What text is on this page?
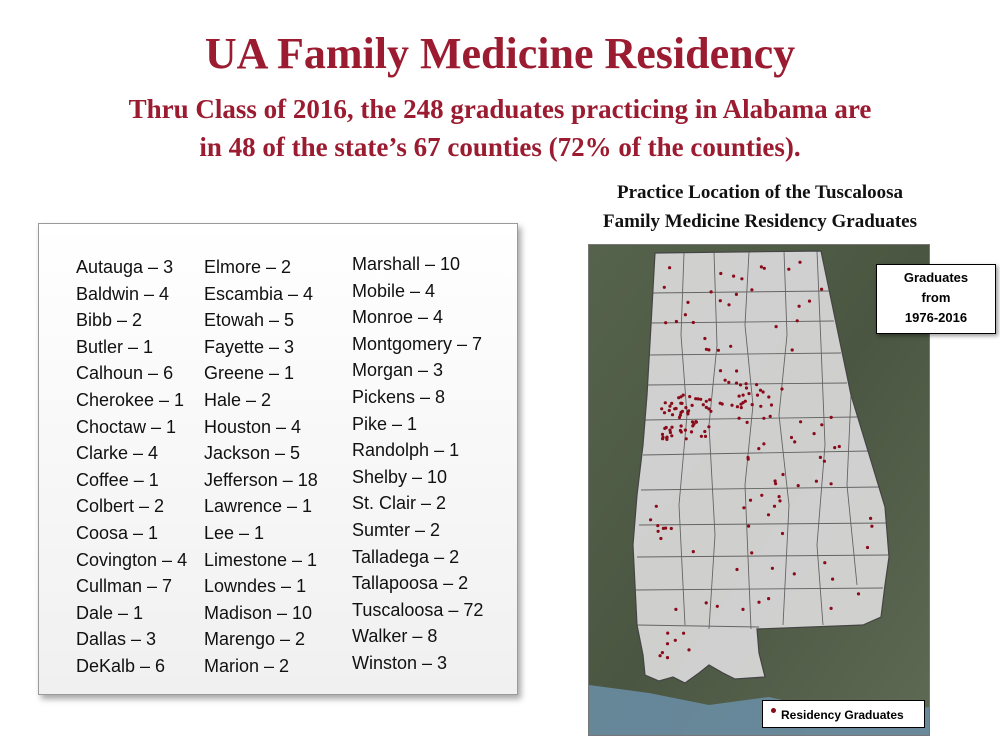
UA Family Medicine Residency
Thru Class of 2016, the 248 graduates practicing in Alabama are
in 48 of the state’s 67 counties (72% of the counties).
Practice Location of the Tuscaloosa
Family Medicine Residency Graduates
Autauga – 3
Baldwin – 4
Bibb – 2
Butler – 1
Calhoun – 6
Cherokee – 1
Choctaw – 1
Clarke – 4
Coffee – 1
Colbert – 2
Coosa – 1
Covington – 4
Cullman – 7
Dale – 1
Dallas – 3
DeKalb – 6
Elmore – 2
Escambia – 4
Etowah – 5
Fayette – 3
Greene – 1
Hale – 2
Houston – 4
Jackson – 5
Jefferson – 18
Lawrence – 1
Lee – 1
Limestone – 1
Lowndes – 1
Madison – 10
Marengo – 2
Marion – 2
Marshall – 10
Mobile – 4
Monroe – 4
Montgomery – 7
Morgan – 3
Pickens – 8
Pike – 1
Randolph – 1
Shelby – 10
St. Clair – 2
Sumter – 2
Talladega – 2
Tallapoosa – 2
Tuscaloosa – 72
Walker – 8
Winston – 3
Graduates
from
1976-2016
Residency Graduates
